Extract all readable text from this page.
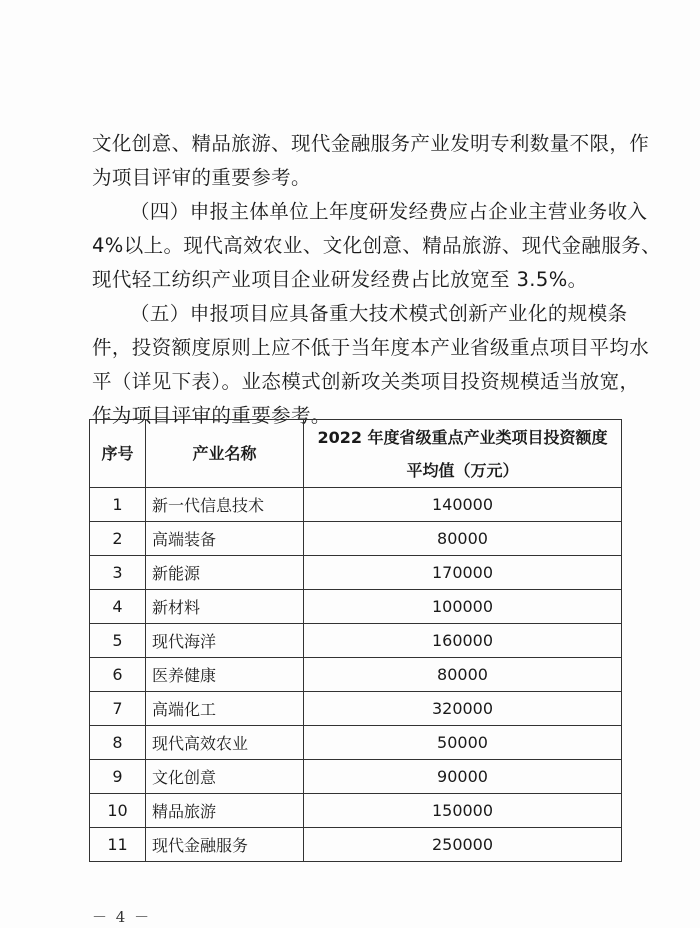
文化创意、精品旅游、现代金融服务产业发明专利数量不限，作
为项目评审的重要参考。

（四）申报主体单位上年度研发经费应占企业主营业务收入
4%以上。现代高效农业、文化创意、精品旅游、现代金融服务、
现代轻工纺织产业项目企业研发经费占比放宽至 3.5%。

（五）申报项目应具备重大技术模式创新产业化的规模条
件，投资额度原则上应不低于当年度本产业省级重点项目平均水
平（详见下表）。业态模式创新攻关类项目投资规模适当放宽，
作为项目评审的重要参考。

序号	产业名称	2022 年度省级重点产业类项目投资额度
平均值（万元）

1	新一代信息技术	140000
2	高端装备	80000
3	新能源	170000
4	新材料	100000
5	现代海洋	160000
6	医养健康	80000
7	高端化工	320000
8	现代高效农业	50000
9	文化创意	90000
10	精品旅游	150000
11	现代金融服务	250000
－ 4 －
